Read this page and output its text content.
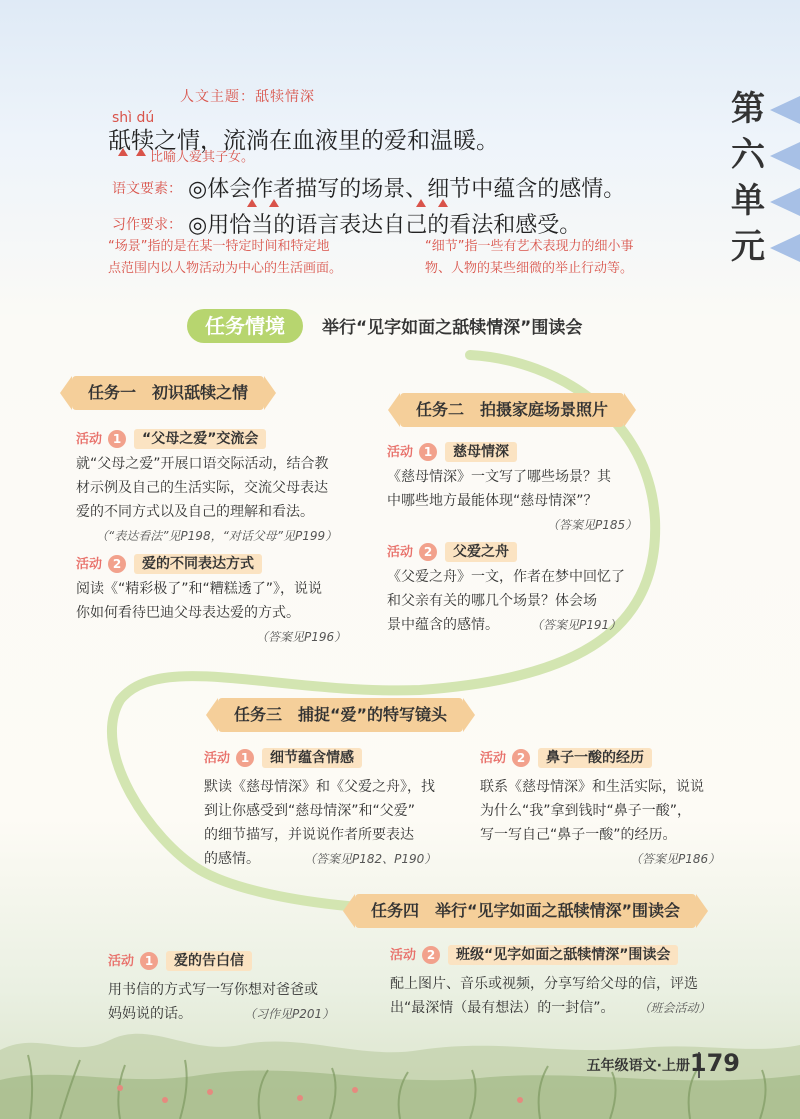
人文主题：舐犊情深
shì dú
舐犊之情，流淌在血液里的爱和温暖。
比喻人爱其子女。
语文要素： ◎体会作者描写的场景、细节中蕴含的感情。
习作要求： ◎用恰当的语言表达自己的看法和感受。
“场景”指的是在某一特定时间和特定地
点范围内以人物活动为中心的生活画面。
“细节”指一些有艺术表现力的细小事
物、人物的某些细微的举止行动等。
第
六
单
元
任务情境	举行“见字如面之舐犊情深”围读会
任务一　初识舐犊之情
活动 1 “父母之爱”交流会
就“父母之爱”开展口语交际活动，结合教
材示例及自己的生活实际，交流父母表达
爱的不同方式以及自己的理解和看法。
（“表达看法”见P198，“对话父母”见P199）
活动 2 爱的不同表达方式
阅读《“精彩极了”和“糟糕透了”》，说说
你如何看待巴迪父母表达爱的方式。
（答案见P196）
任务二　拍摄家庭场景照片
活动 1 慈母情深
《慈母情深》一文写了哪些场景？其
中哪些地方最能体现“慈母情深”？
（答案见P185）
活动 2 父爱之舟
《父爱之舟》一文，作者在梦中回忆了
和父亲有关的哪几个场景？体会场
景中蕴含的感情。	（答案见P191）
任务三　捕捉“爱”的特写镜头
活动 1 细节蕴含情感
默读《慈母情深》和《父爱之舟》，找
到让你感受到“慈母情深”和“父爱”
的细节描写，并说说作者所要表达
的感情。	（答案见P182、P190）
活动 2 鼻子一酸的经历
联系《慈母情深》和生活实际，说说
为什么“我”拿到钱时“鼻子一酸”，
写一写自己“鼻子一酸”的经历。
（答案见P186）
任务四　举行“见字如面之舐犊情深”围读会
活动 1 爱的告白信
用书信的方式写一写你想对爸爸或
妈妈说的话。	（习作见P201）
活动 2 班级“见字如面之舐犊情深”围读会
配上图片、音乐或视频，分享写给父母的信，评选
出“最深情（最有想法）的一封信”。	（班会活动）
五年级语文·上册 179
